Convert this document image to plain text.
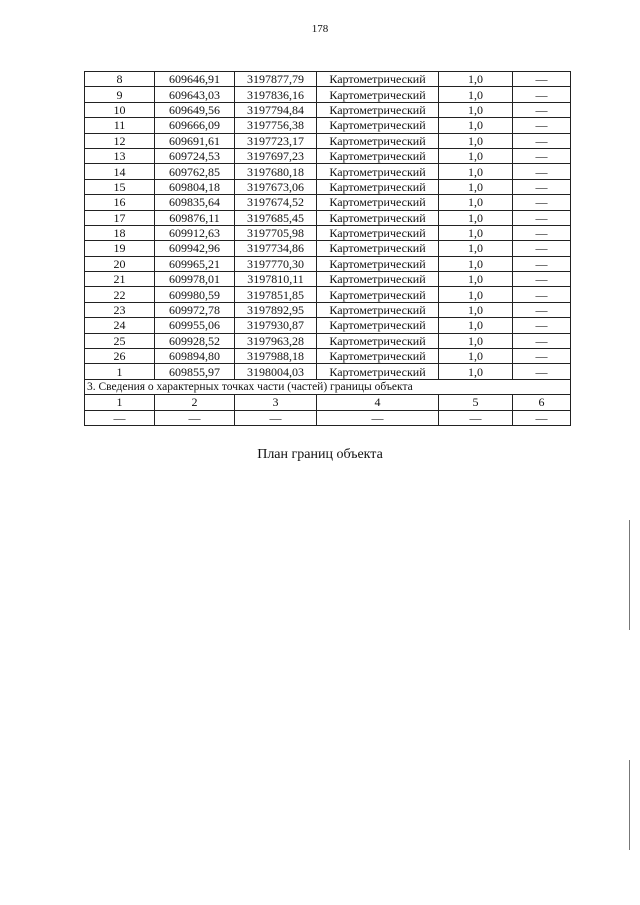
178
8	609646,91	3197877,79	Картометрический	1,0	—
9	609643,03	3197836,16	Картометрический	1,0	—
10	609649,56	3197794,84	Картометрический	1,0	—
11	609666,09	3197756,38	Картометрический	1,0	—
12	609691,61	3197723,17	Картометрический	1,0	—
13	609724,53	3197697,23	Картометрический	1,0	—
14	609762,85	3197680,18	Картометрический	1,0	—
15	609804,18	3197673,06	Картометрический	1,0	—
16	609835,64	3197674,52	Картометрический	1,0	—
17	609876,11	3197685,45	Картометрический	1,0	—
18	609912,63	3197705,98	Картометрический	1,0	—
19	609942,96	3197734,86	Картометрический	1,0	—
20	609965,21	3197770,30	Картометрический	1,0	—
21	609978,01	3197810,11	Картометрический	1,0	—
22	609980,59	3197851,85	Картометрический	1,0	—
23	609972,78	3197892,95	Картометрический	1,0	—
24	609955,06	3197930,87	Картометрический	1,0	—
25	609928,52	3197963,28	Картометрический	1,0	—
26	609894,80	3197988,18	Картометрический	1,0	—
1	609855,97	3198004,03	Картометрический	1,0	—
3. Сведения о характерных точках части (частей) границы объекта					
1	2	3	4	5	6
—	—	—	—	—	—
План границ объекта
